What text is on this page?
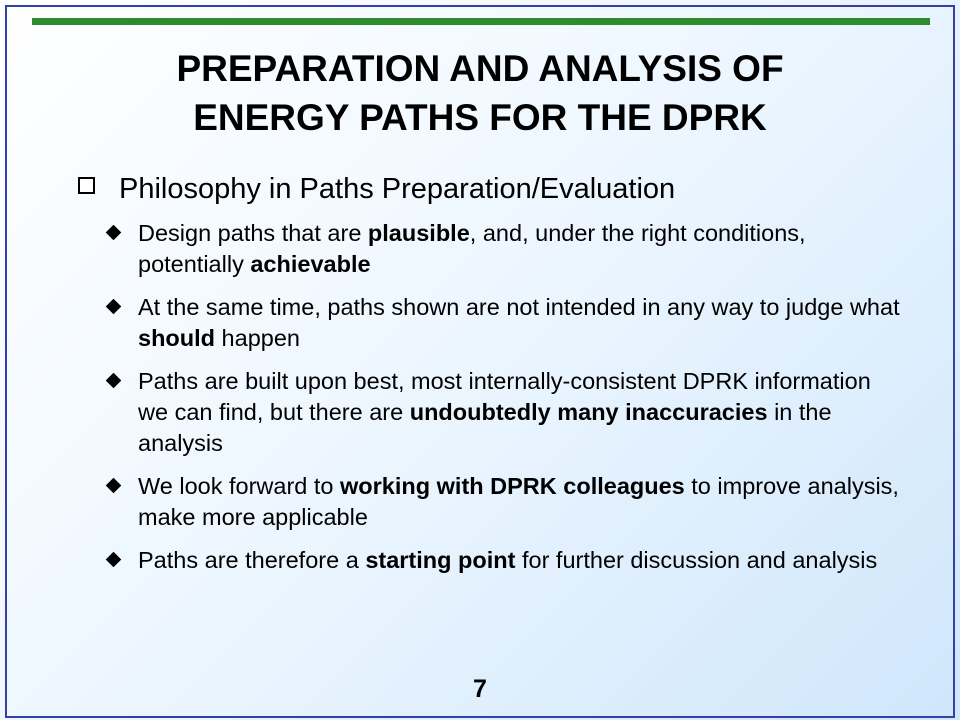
PREPARATION AND ANALYSIS OF
ENERGY PATHS FOR THE DPRK
Philosophy in Paths Preparation/Evaluation
Design paths that are plausible, and, under the right conditions, potentially achievable
At the same time, paths shown are not intended in any way to judge what should happen
Paths are built upon best, most internally-consistent DPRK information we can find, but there are undoubtedly many inaccuracies in the analysis
We look forward to working with DPRK colleagues to improve analysis, make more applicable
Paths are therefore a starting point for further discussion and analysis
7
